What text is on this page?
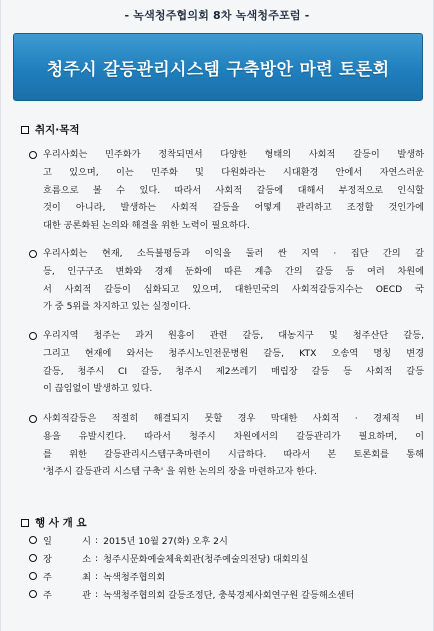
- 녹색청주협의회 8차 녹색청주포럼 -
청주시 갈등관리시스템 구축방안 마련 토론회
취지·목적
우리사회는 민주화가 정착되면서 다양한 형태의 사회적 갈등이 발생하
고 있으며, 이는 민주화 및 다원화라는 시대환경 안에서 자연스러운
흐름으로 볼 수 있다. 따라서 사회적 갈등에 대해서 부정적으로 인식할
것이 아니라, 발생하는 사회적 갈등을 어떻게 관리하고 조정할 것인가에
대한 공론화된 논의와 해결을 위한 노력이 필요하다.
우리사회는 현재, 소득불평등과 이익을 둘러 싼 지역 · 집단 간의 갈
등, 인구구조 변화와 경제 둔화에 따른 계층 간의 갈등 등 여러 차원에
서 사회적 갈등이 심화되고 있으며, 대한민국의 사회적갈등지수는 OECD 국
가 중 5위를 차지하고 있는 실정이다.
우리지역 청주는 과거 원흥이 관련 갈등, 대농지구 및 청주산단 갈등,
그리고 현재에 와서는 청주시노인전문병원 갈등, KTX 오송역 명칭 변경
갈등, 청주시 CI 갈등, 청주시 제2쓰레기 매립장 갈등 등 사회적 갈등
이 끊임없이 발생하고 있다.
사회적갈등은 적절히 해결되지 못할 경우 막대한 사회적 · 경제적 비
용을 유발시킨다. 따라서 청주시 차원에서의 갈등관리가 필요하며, 이
를 위한 갈등관리시스템구축마련이 시급하다. 따라서 본 토론회를 통해
'청주시 갈등관리 시스템 구축' 을 위한 논의의 장을 마련하고자 한다.
행 사 개 요
일	시 : 2015년 10월 27(화) 오후 2시
장	소 : 청주시문화예술체육회관(청주예술의전당) 대회의실
주	최 : 녹색청주협의회
주	관 : 녹색청주협의회 갈등조정단, 충북경제사회연구원 갈등해소센터
